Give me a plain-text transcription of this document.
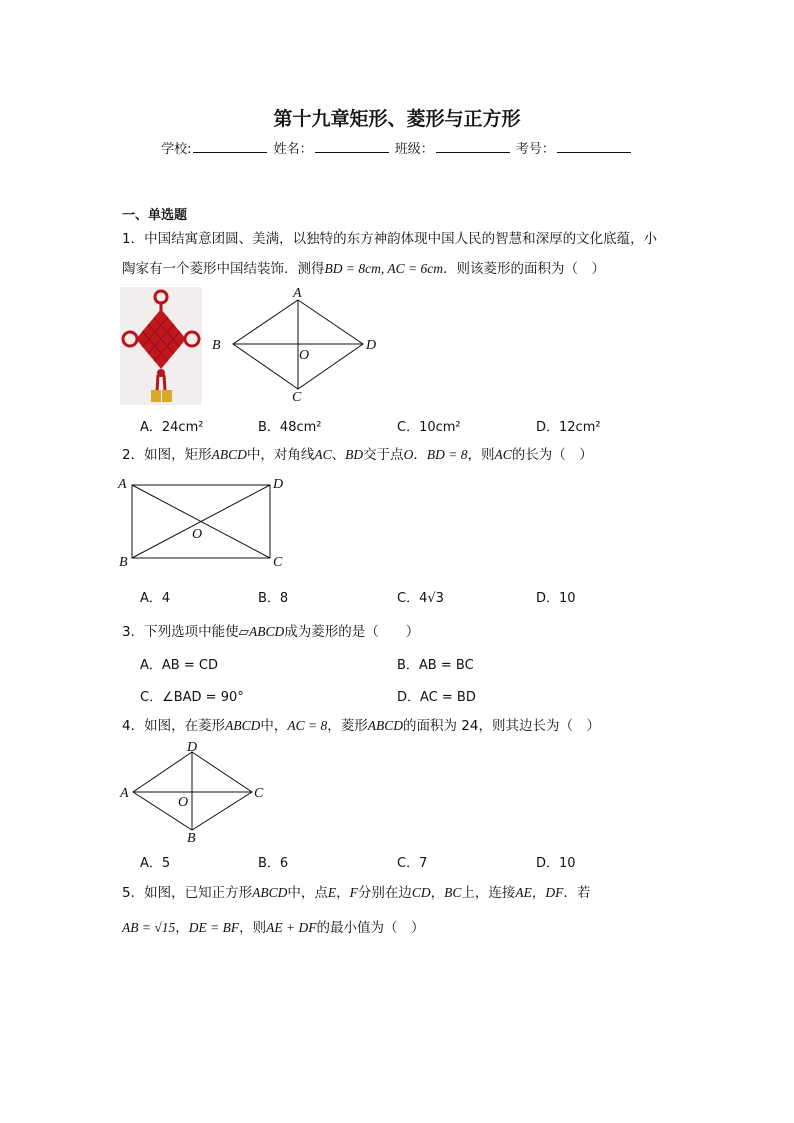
第十九章矩形、菱形与正方形
学校:	姓名：	班级：	考号：
一、单选题
1．中国结寓意团圆、美满，以独特的东方神韵体现中国人民的智慧和深厚的文化底蕴，小
陶家有一个菱形中国结装饰．测得BD = 8cm, AC = 6cm．则该菱形的面积为（　）
A
B	D
C
O
A．24cm²	B．48cm²	C．10cm²	D．12cm²
2．如图，矩形ABCD中，对角线AC、BD交于点O．BD = 8，则AC的长为（　）
A	D
B	C
O
A．4	B．8	C．4√3	D．10
3．下列选项中能使▱ABCD成为菱形的是（　　）
A．AB = CD	B．AB = BC
C．∠BAD = 90°	D．AC = BD
4．如图，在菱形ABCD中，AC = 8，菱形ABCD的面积为 24，则其边长为（　）
D
A	C
B
O
A．5	B．6	C．7	D．10
5．如图，已知正方形ABCD中，点E，F分别在边CD，BC上，连接AE，DF．若
AB = √15，DE = BF，则AE + DF的最小值为（　）
